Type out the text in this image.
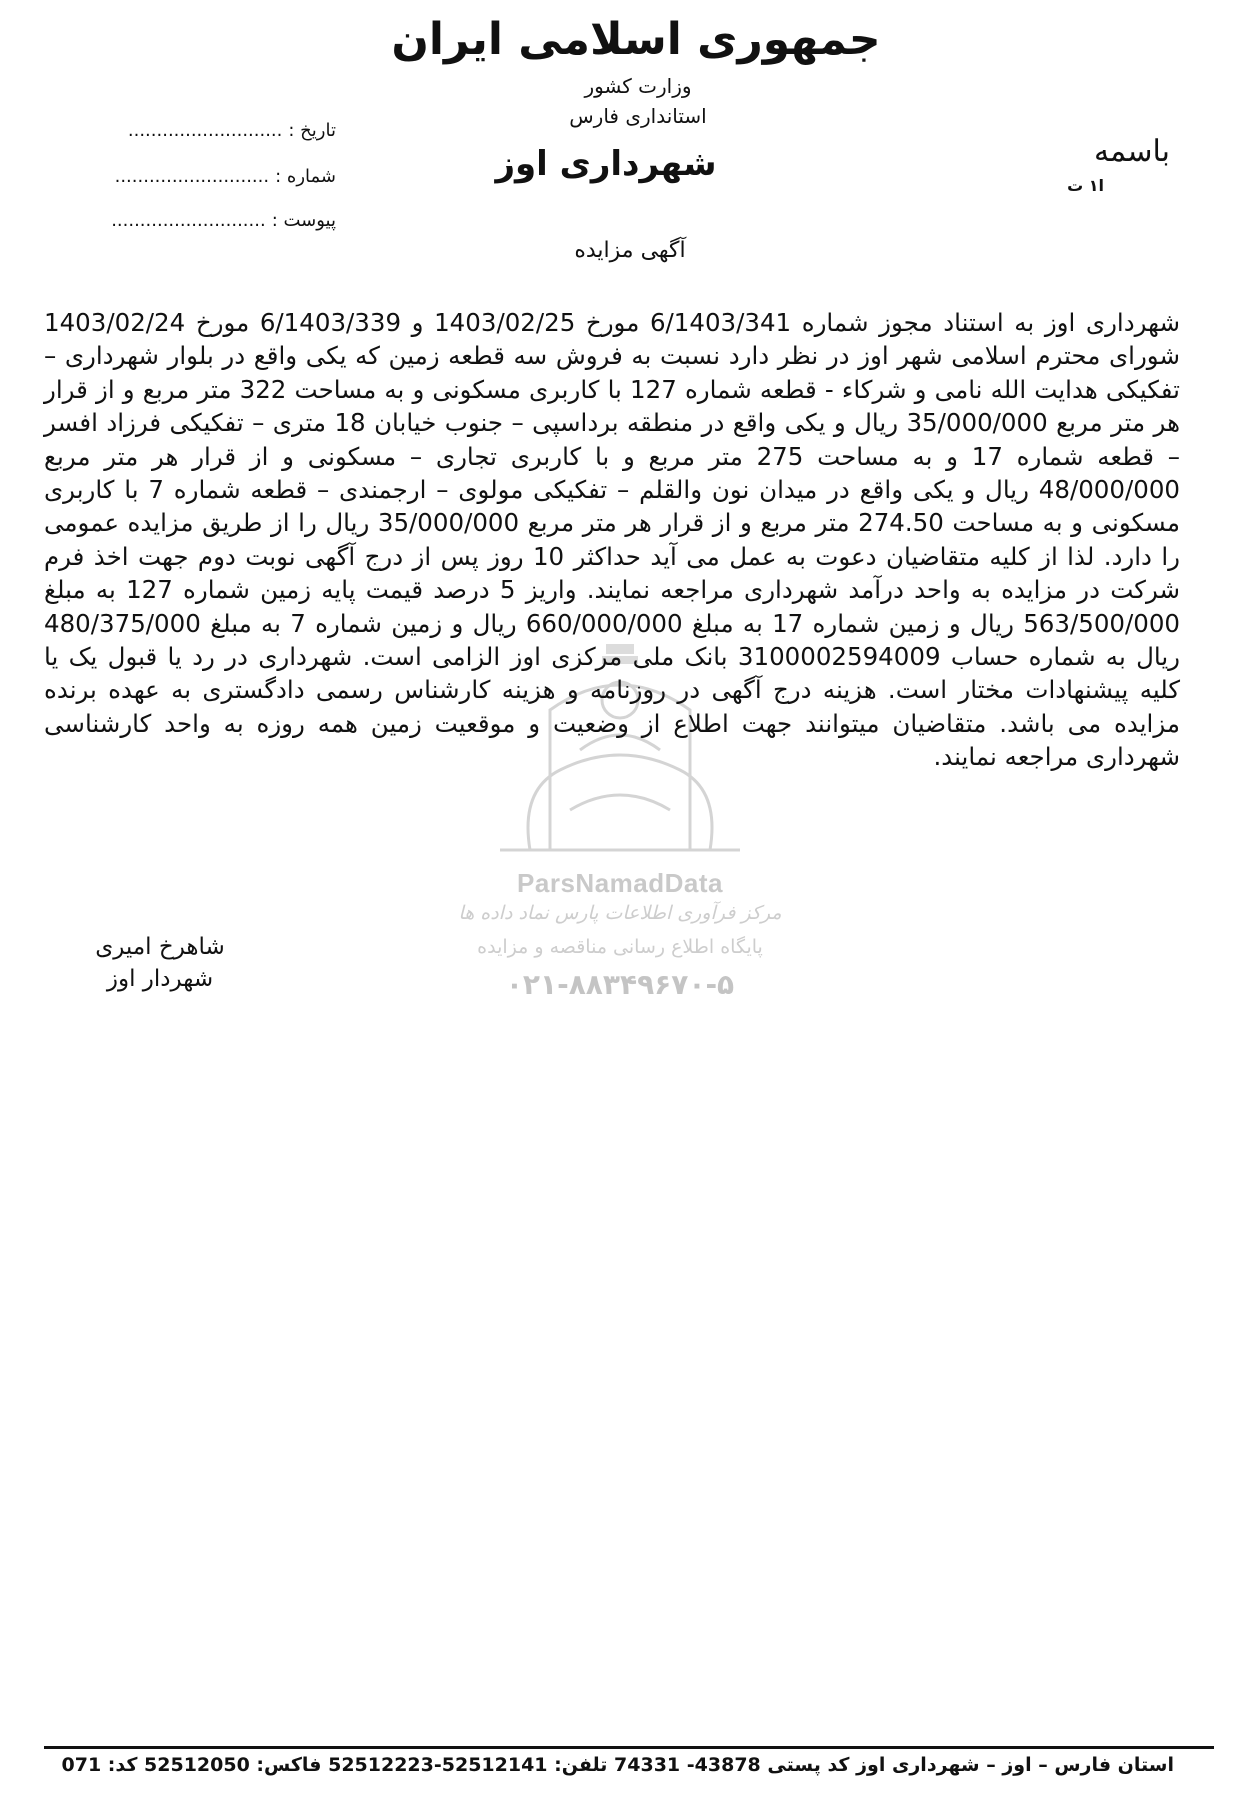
جمهوری اسلامی ایران
وزارت کشور
استانداری فارس
شهرداری اوز	باسمه
ا۱ ت
تاریخ :...........................
شماره :...........................
پیوست :...........................
آگهی مزایده
ParsNamadData
مرکز فرآوری اطلاعات پارس نماد داده ها
پایگاه اطلاع رسانی مناقصه و مزایده
۰۲۱-۸۸۳۴۹۶۷۰-۵
شهرداری اوز به استناد مجوز شماره 6/1403/341 مورخ 1403/02/25 و 6/1403/339 مورخ 1403/02/24 شورای محترم اسلامی شهر اوز در نظر دارد نسبت به فروش سه قطعه زمین که یکی واقع در بلوار شهرداری – تفکیکی هدایت الله نامی و شرکاء - قطعه شماره 127 با کاربری مسکونی و به مساحت 322 متر مربع و از قرار هر متر مربع 35/000/000 ریال و یکی واقع در منطقه برداسپی – جنوب خیابان 18 متری – تفکیکی فرزاد افسر – قطعه شماره 17 و به مساحت 275 متر مربع و با کاربری تجاری – مسکونی و از قرار هر متر مربع 48/000/000 ریال و یکی واقع در میدان نون والقلم – تفکیکی مولوی – ارجمندی – قطعه شماره 7 با کاربری مسکونی و به مساحت 274.50 متر مربع و از قرار هر متر مربع 35/000/000 ریال را از طریق مزایده عمومی را دارد. لذا از کلیه متقاضیان دعوت به عمل می آید حداکثر 10 روز پس از درج آگهی نوبت دوم جهت اخذ فرم شرکت در مزایده به واحد درآمد شهرداری مراجعه نمایند. واریز 5 درصد قیمت پایه زمین شماره 127 به مبلغ 563/500/000 ریال و زمین شماره 17 به مبلغ 660/000/000 ریال و زمین شماره 7 به مبلغ 480/375/000 ریال به شماره حساب 3100002594009 بانک ملی مرکزی اوز الزامی است. شهرداری در رد یا قبول یک یا کلیه پیشنهادات مختار است. هزینه درج آگهی در روزنامه و هزینه کارشناس رسمی دادگستری به عهده برنده مزایده می باشد. متقاضیان میتوانند جهت اطلاع از وضعیت و موقعیت زمین همه روزه به واحد کارشناسی شهرداری مراجعه نمایند.
شاهرخ امیری
شهردار اوز
استان فارس – اوز – شهرداری اوز کد پستی 43878- 74331 تلفن: 52512141-52512223 فاکس: 52512050 کد: 071
